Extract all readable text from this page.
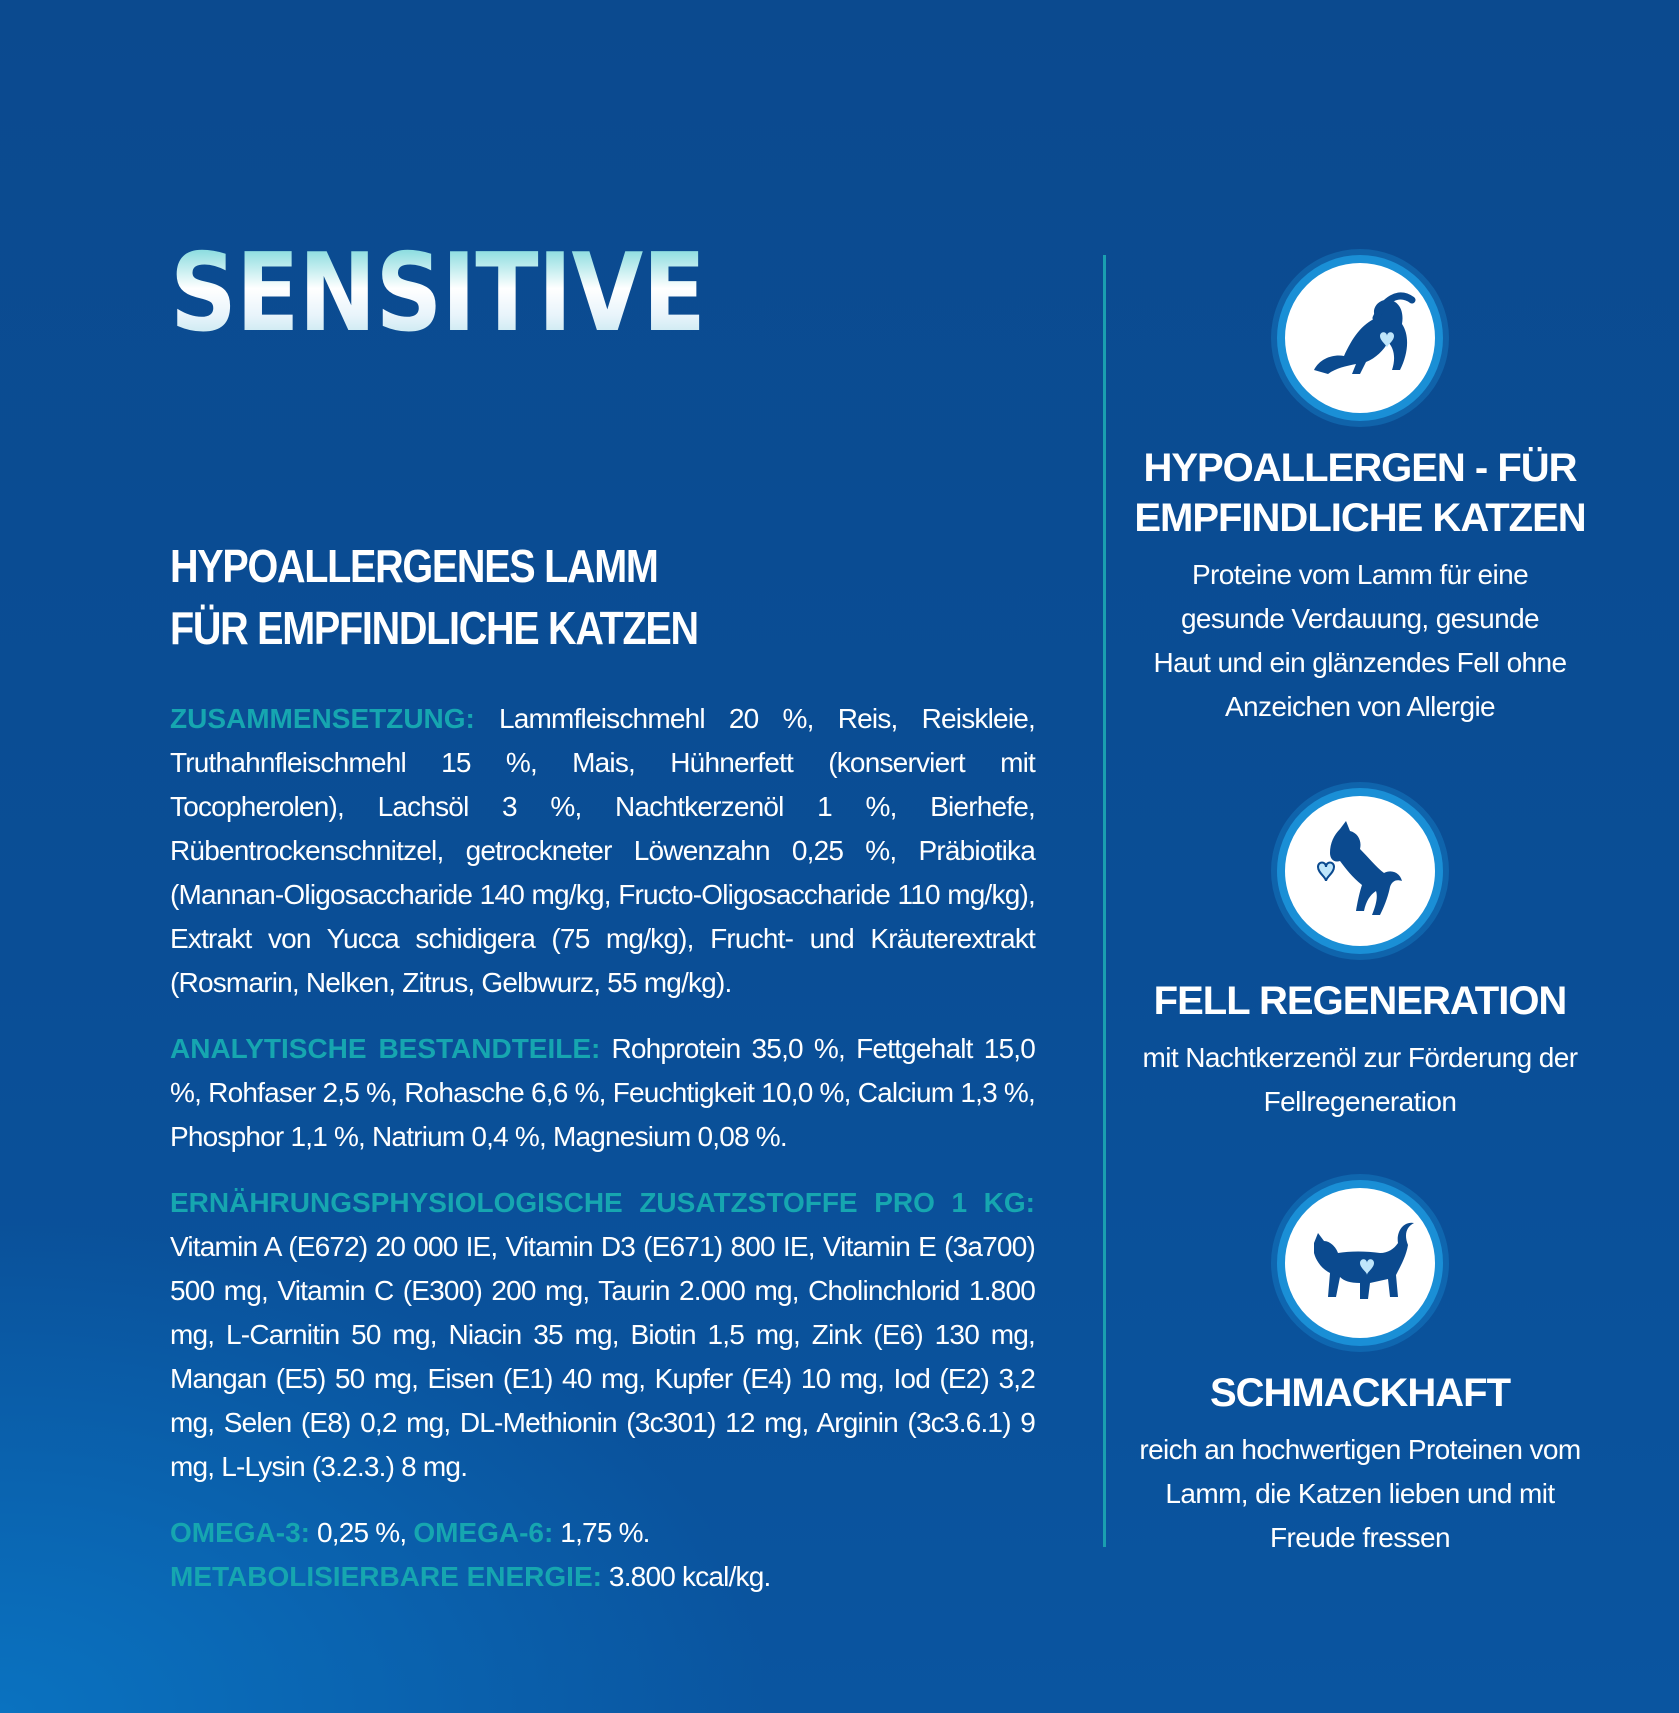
SENSITIVE
HYPOALLERGENES LAMM
FÜR EMPFINDLICHE KATZEN

ZUSAMMENSETZUNG: Lammfleischmehl 20 %, Reis, Reiskleie, Truthahnfleischmehl 15 %, Mais, Hühnerfett (konserviert mit Tocopherolen), Lachsöl 3 %, Nachtkerzenöl 1 %, Bierhefe, Rübentrockenschnitzel, getrockneter Löwenzahn 0,25 %, Präbiotika (Mannan-Oligosaccharide 140 mg/kg, Fructo-Oligosaccharide 110 mg/kg), Extrakt von Yucca schidigera (75 mg/kg), Frucht- und Kräuterextrakt (Rosmarin, Nelken, Zitrus, Gelbwurz, 55 mg/kg).

ANALYTISCHE BESTANDTEILE: Rohprotein 35,0 %, Fettgehalt 15,0 %, Rohfaser 2,5 %, Rohasche 6,6 %, Feuchtigkeit 10,0 %, Calcium 1,3 %, Phosphor 1,1 %, Natrium 0,4 %, Magnesium 0,08 %.

ERNÄHRUNGSPHYSIOLOGISCHE ZUSATZSTOFFE PRO 1 KG: Vitamin A (E672) 20 000 IE, Vitamin D3 (E671) 800 IE, Vitamin E (3a700) 500 mg, Vitamin C (E300) 200 mg, Taurin 2.000 mg, Cholinchlorid 1.800 mg, L-Carnitin 50 mg, Niacin 35 mg, Biotin 1,5 mg, Zink (E6) 130 mg, Mangan (E5) 50 mg, Eisen (E1) 40 mg, Kupfer (E4) 10 mg, Iod (E2) 3,2 mg, Selen (E8) 0,2 mg, DL-Methionin (3c301) 12 mg, Arginin (3c3.6.1) 9 mg, L-Lysin (3.2.3.) 8 mg.

OMEGA-3: 0,25 %, OMEGA-6: 1,75 %.

METABOLISIERBARE ENERGIE: 3.800 kcal/kg.

HYPOALLERGEN - FÜR
EMPFINDLICHE KATZEN
Proteine vom Lamm für eine
gesunde Verdauung, gesunde
Haut und ein glänzendes Fell ohne
Anzeichen von Allergie
FELL REGENERATION
mit Nachtkerzenöl zur Förderung der
Fellregeneration
SCHMACKHAFT
reich an hochwertigen Proteinen vom
Lamm, die Katzen lieben und mit
Freude fressen
